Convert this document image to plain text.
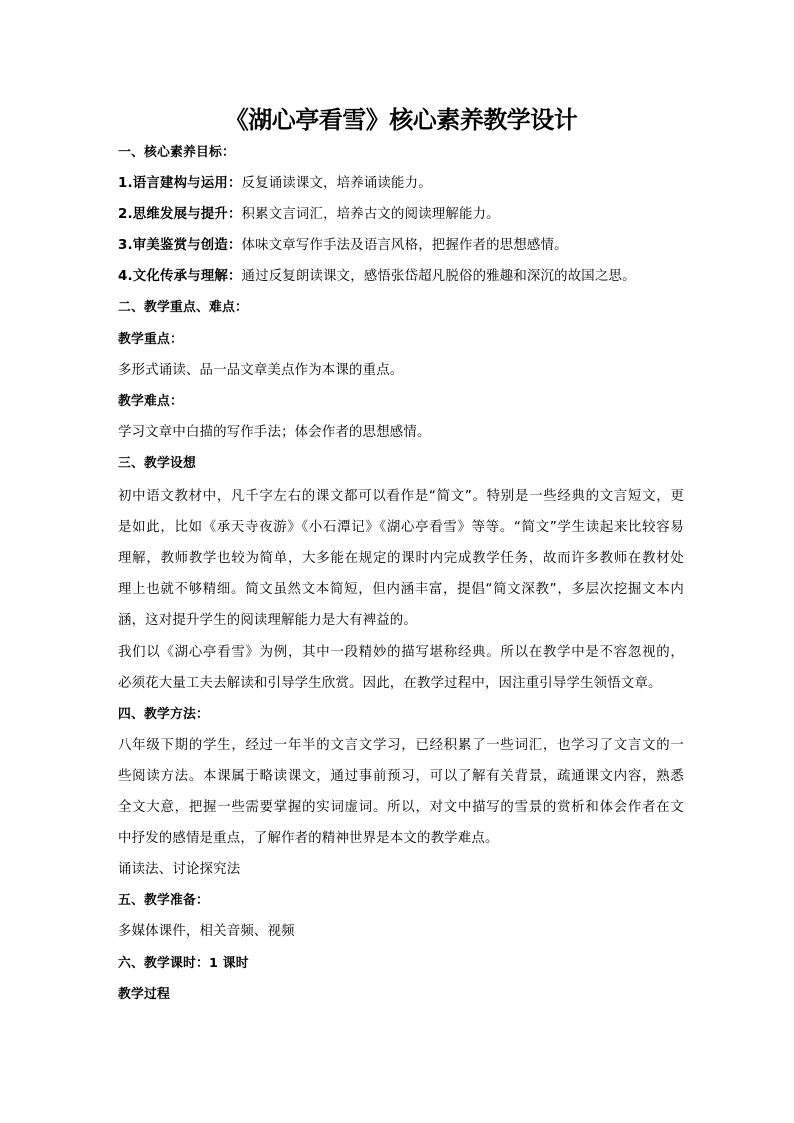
《湖心亭看雪》核心素养教学设计
一、核心素养目标：
1.语言建构与运用：反复诵读课文，培养诵读能力。
2.思维发展与提升：积累文言词汇，培养古文的阅读理解能力。
3.审美鉴赏与创造：体味文章写作手法及语言风格，把握作者的思想感情。
4.文化传承与理解：通过反复朗读课文，感悟张岱超凡脱俗的雅趣和深沉的故国之思。
二、教学重点、难点：
教学重点：
多形式诵读、品一品文章美点作为本课的重点。
教学难点：
学习文章中白描的写作手法；体会作者的思想感情。
三、教学设想
初中语文教材中，凡千字左右的课文都可以看作是“简文”。特别是一些经典的文言短文，更
是如此，比如《承天寺夜游》《小石潭记》《湖心亭看雪》等等。“简文”学生读起来比较容易
理解，教师教学也较为简单，大多能在规定的课时内完成教学任务，故而许多教师在教材处
理上也就不够精细。简文虽然文本简短，但内涵丰富，提倡“简文深教”，多层次挖掘文本内
涵，这对提升学生的阅读理解能力是大有裨益的。
我们以《湖心亭看雪》为例，其中一段精妙的描写堪称经典。所以在教学中是不容忽视的，
必须花大量工夫去解读和引导学生欣赏。因此，在教学过程中，因注重引导学生领悟文章。
四、教学方法：
八年级下期的学生，经过一年半的文言文学习，已经积累了一些词汇，也学习了文言文的一
些阅读方法。本课属于略读课文，通过事前预习，可以了解有关背景，疏通课文内容，熟悉
全文大意，把握一些需要掌握的实词虚词。所以，对文中描写的雪景的赏析和体会作者在文
中抒发的感情是重点，了解作者的精神世界是本文的教学难点。
诵读法、讨论探究法
五、教学准备：
多媒体课件，相关音频、视频
六、教学课时：1 课时
教学过程
